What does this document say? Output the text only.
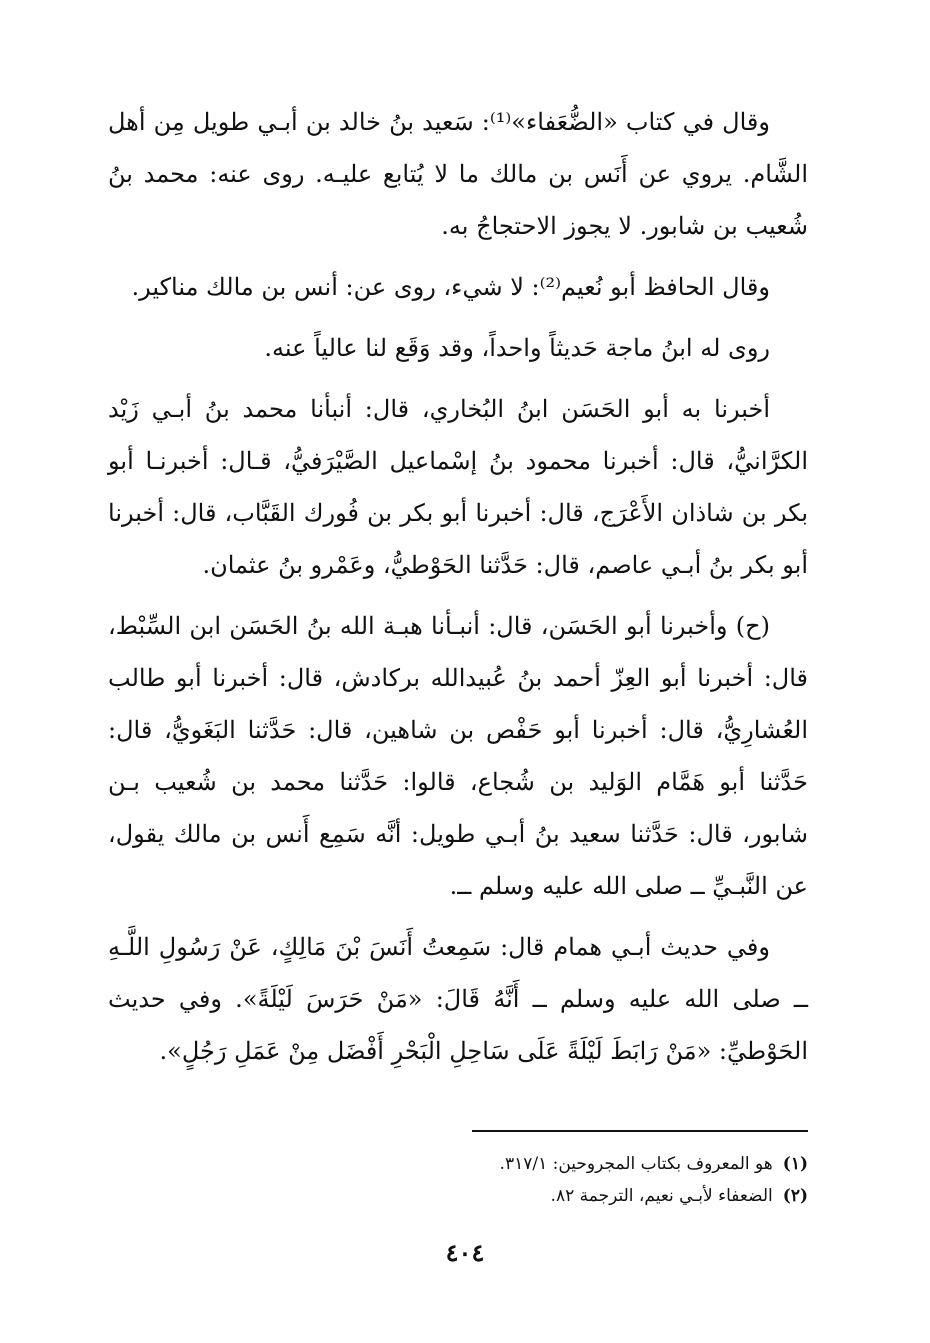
وقال في كتاب «الضُّعَفاء»⁽¹⁾: سَعيد بنُ خالد بن أبـي طويل مِن أهل الشَّام. يروي عن أَنَس بن مالك ما لا يُتابع عليـه. روى عنه: محمد بنُ شُعيب بن شابور. لا يجوز الاحتجاجُ به.

وقال الحافظ أبو نُعيم⁽²⁾: لا شيء، روى عن: أنس بن مالك مناكير.

روى له ابنُ ماجة حَديثاً واحداً، وقد وَقَع لنا عالياً عنه.

أخبرنا به أبو الحَسَن ابنُ البُخاري، قال: أنبأنا محمد بنُ أبـي زَيْد الكرَّانيُّ، قال: أخبرنا محمود بنُ إسْماعيل الصَّيْرَفيُّ، قـال: أخبرنـا أبو بكر بن شاذان الأَعْرَج، قال: أخبرنا أبو بكر بن فُورك القَبَّاب، قال: أخبرنا أبو بكر بنُ أبـي عاصم، قال: حَدَّثنا الحَوْطيُّ، وعَمْرو بنُ عثمان.

(ح) وأخبرنا أبو الحَسَن، قال: أنبـأنا هبـة الله بنُ الحَسَن ابن السِّبْط، قال: أخبرنا أبو العِزّ أحمد بنُ عُبيدالله بركادش، قال: أخبرنا أبو طالب العُشارِيُّ، قال: أخبرنا أبو حَفْص بن شاهين، قال: حَدَّثنا البَغَويُّ، قال: حَدَّثنا أبو هَمَّام الوَليد بن شُجاع، قالوا: حَدَّثنا محمد بن شُعيب بـن شابور، قال: حَدَّثنا سعيد بنُ أبـي طويل: أنَّه سَمِع أَنس بن مالك يقول، عن النَّبـيِّ ــ صلى الله عليه وسلم ــ.

وفي حديث أبـي همام قال: سَمِعتُ أَنَسَ بْنَ مَالِكٍ، عَنْ رَسُولِ اللَّـهِ ــ صلى الله عليه وسلم ــ أَنَّهُ قَالَ: «مَنْ حَرَسَ لَيْلَةً». وفي حديث الحَوْطيِّ: «مَنْ رَابَطَ لَيْلَةً عَلَى سَاحِلِ الْبَحْرِ أَفْضَل مِنْ عَمَلِ رَجُلٍ».

(١)هو المعروف بكتاب المجروحين: ٣١٧/١.

(٢)الضعفاء لأبـي نعيم، الترجمة ٨٢.

٤٠٤
